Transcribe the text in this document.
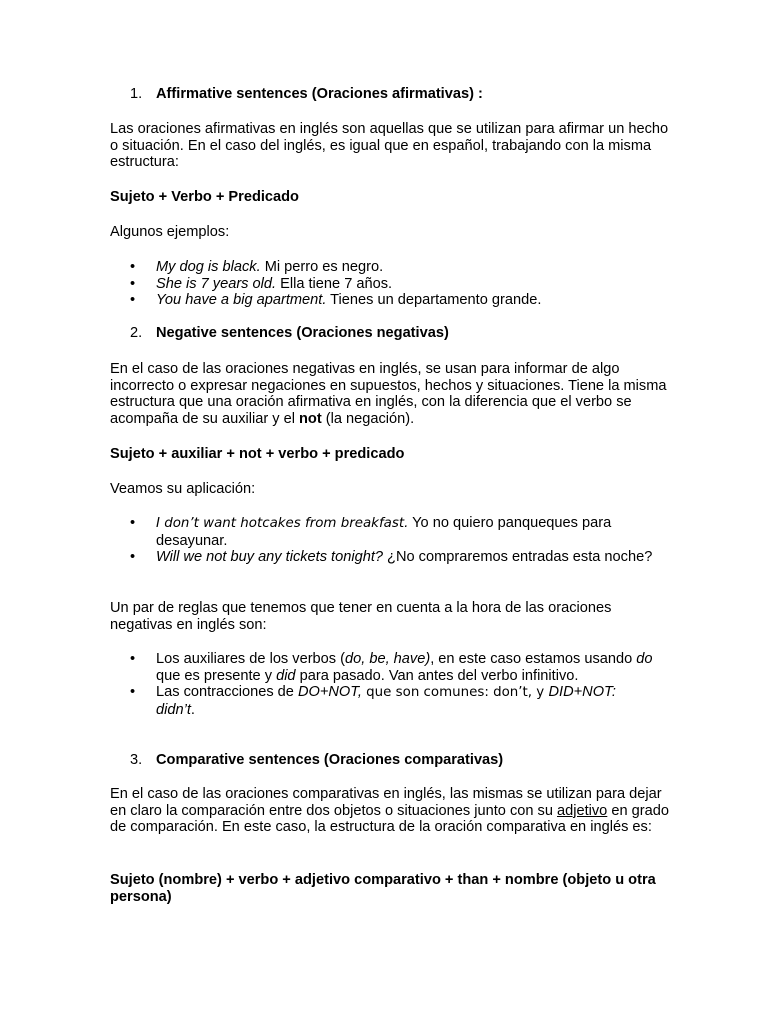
1. Affirmative sentences (Oraciones afirmativas) :

Las oraciones afirmativas en inglés son aquellas que se utilizan para afirmar un hecho o situación. En el caso del inglés, es igual que en español, trabajando con la misma estructura:

Sujeto + Verbo + Predicado
Algunos ejemplos:
• My dog is black. Mi perro es negro.
• She is 7 years old. Ella tiene 7 años.
• You have a big apartment. Tienes un departamento grande.
2. Negative sentences (Oraciones negativas)

En el caso de las oraciones negativas en inglés, se usan para informar de algo incorrecto o expresar negaciones en supuestos, hechos y situaciones. Tiene la misma estructura que una oración afirmativa en inglés, con la diferencia que el verbo se acompaña de su auxiliar y el not (la negación).

Sujeto + auxiliar + not + verbo + predicado
Veamos su aplicación:
• I don’t want hotcakes from breakfast. Yo no quiero panqueques para desayunar.
• Will we not buy any tickets tonight? ¿No compraremos entradas esta noche?

Un par de reglas que tenemos que tener en cuenta a la hora de las oraciones negativas en inglés son:

• Los auxiliares de los verbos (do, be, have), en este caso estamos usando do que es presente y did para pasado. Van antes del verbo infinitivo.
• Las contracciones de DO+NOT, que son comunes: don’t, y DID+NOT: didn’t.
3. Comparative sentences (Oraciones comparativas)

En el caso de las oraciones comparativas en inglés, las mismas se utilizan para dejar en claro la comparación entre dos objetos o situaciones junto con su adjetivo en grado de comparación. En este caso, la estructura de la oración comparativa en inglés es:

Sujeto (nombre) + verbo + adjetivo comparativo + than + nombre (objeto u otra persona)
